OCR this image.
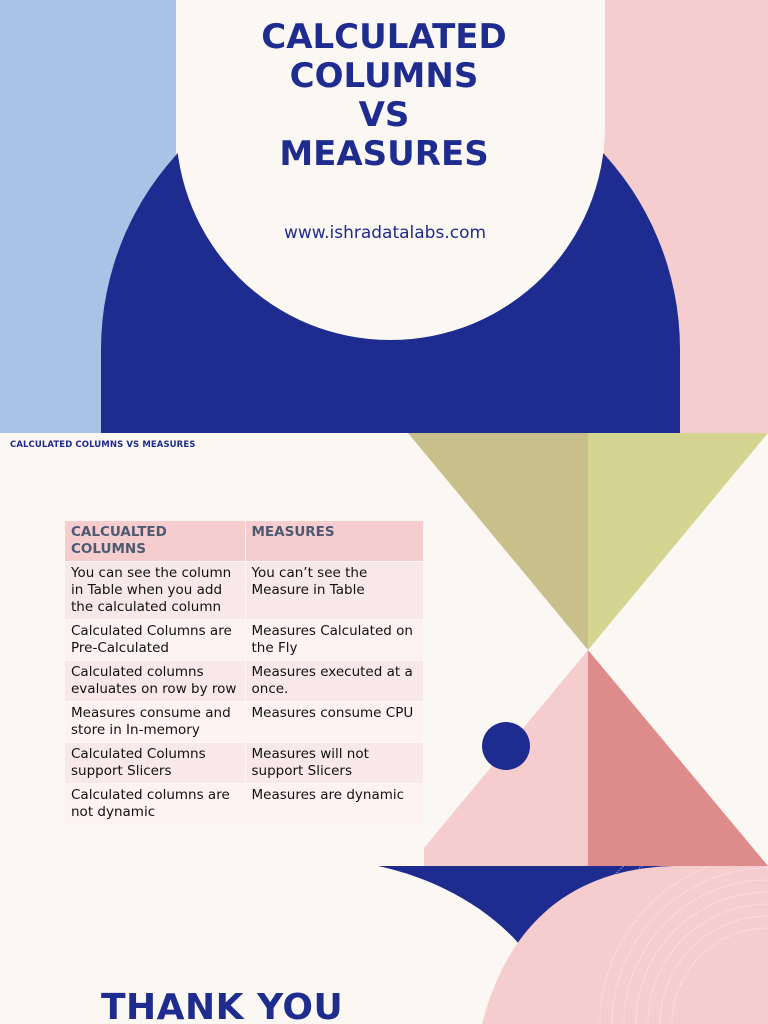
CALCULATED
COLUMNS
VS
MEASURES
www.ishradatalabs.com
CALCULATED COLUMNS VS MEASURES
CALCUALTED COLUMNS	MEASURES
You can see the column in Table when you add the calculated column	You can’t see the Measure in Table
Calculated Columns are Pre-Calculated	Measures Calculated on the Fly
Calculated columns evaluates on row by row	Measures executed at a once.
Measures consume and store in In-memory	Measures consume CPU
Calculated Columns support Slicers	Measures will not support Slicers
Calculated columns are not dynamic	Measures are dynamic
THANK YOU
